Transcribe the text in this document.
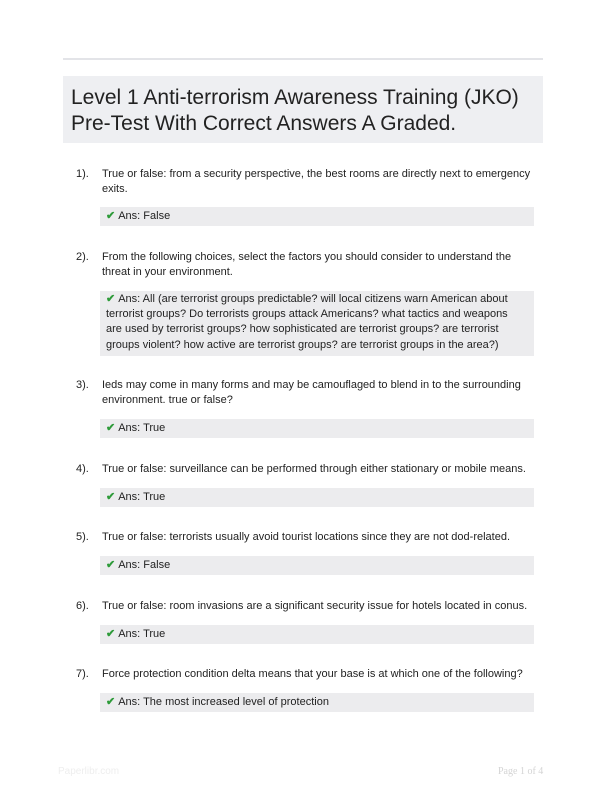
Level 1 Anti-terrorism Awareness Training (JKO) Pre-Test With Correct Answers A Graded.
1). True or false: from a security perspective, the best rooms are directly next to emergency exits.
✔ Ans: False
2). From the following choices, select the factors you should consider to understand the threat in your environment.
✔ Ans: All (are terrorist groups predictable? will local citizens warn American about terrorist groups? Do terrorists groups attack Americans? what tactics and weapons are used by terrorist groups? how sophisticated are terrorist groups? are terrorist groups violent? how active are terrorist groups? are terrorist groups in the area?)
3). Ieds may come in many forms and may be camouflaged to blend in to the surrounding environment. true or false?
✔ Ans: True
4). True or false: surveillance can be performed through either stationary or mobile means.
✔ Ans: True
5). True or false: terrorists usually avoid tourist locations since they are not dod-related.
✔ Ans: False
6). True or false: room invasions are a significant security issue for hotels located in conus.
✔ Ans: True
7). Force protection condition delta means that your base is at which one of the following?
✔ Ans: The most increased level of protection
Paperlibr.com	Page 1 of 4
